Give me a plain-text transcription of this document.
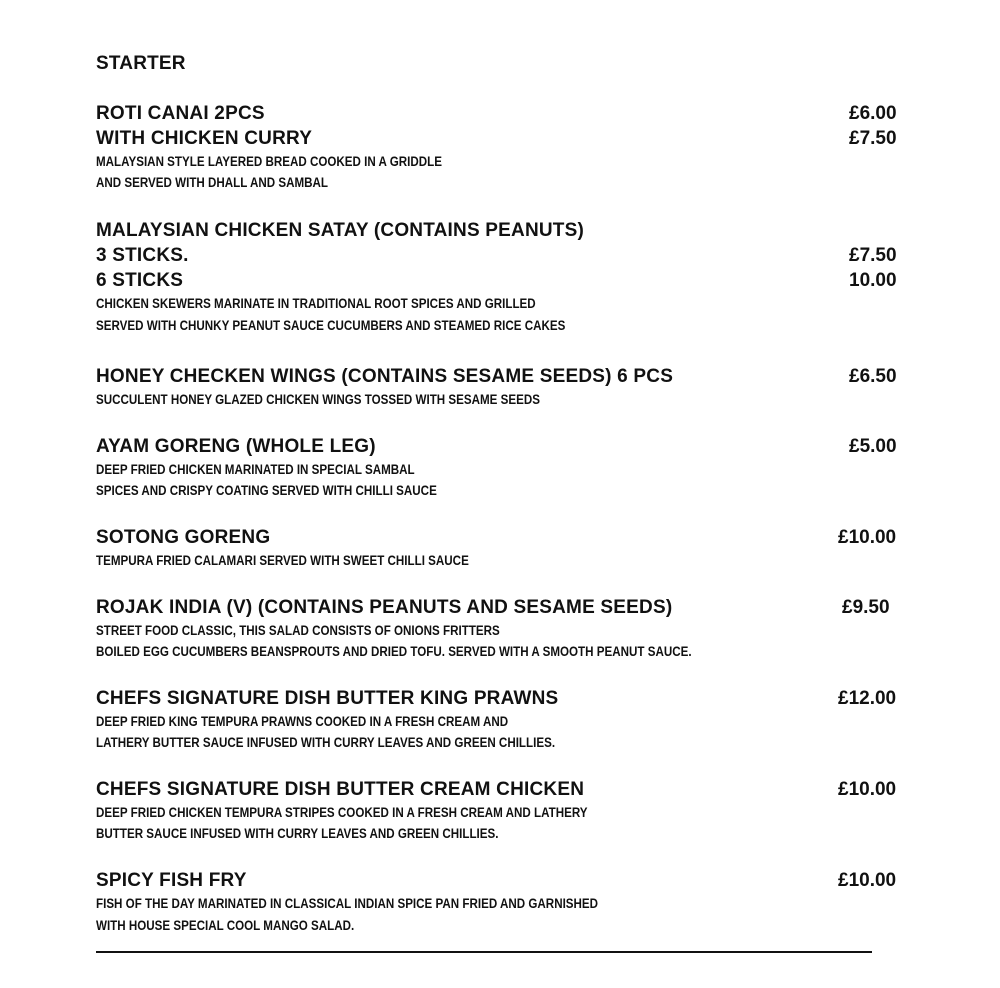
STARTER
ROTI CANAI 2PCS	£6.00
WITH CHICKEN CURRY	£7.50
MALAYSIAN STYLE LAYERED BREAD COOKED IN A GRIDDLE
AND SERVED WITH DHALL AND SAMBAL
MALAYSIAN CHICKEN SATAY (CONTAINS PEANUTS)
3 STICKS.	£7.50
6 STICKS	10.00
CHICKEN SKEWERS MARINATE IN TRADITIONAL ROOT SPICES AND GRILLED
SERVED WITH CHUNKY PEANUT SAUCE CUCUMBERS AND STEAMED RICE CAKES
HONEY CHECKEN WINGS (CONTAINS SESAME SEEDS) 6 PCS	£6.50
SUCCULENT HONEY GLAZED CHICKEN WINGS TOSSED WITH SESAME SEEDS
AYAM GORENG (WHOLE LEG)	£5.00
DEEP FRIED CHICKEN MARINATED IN SPECIAL SAMBAL
SPICES AND CRISPY COATING SERVED WITH CHILLI SAUCE
SOTONG GORENG	£10.00
TEMPURA FRIED CALAMARI SERVED WITH SWEET CHILLI SAUCE
ROJAK INDIA (V) (CONTAINS PEANUTS AND SESAME SEEDS)	£9.50
STREET FOOD CLASSIC, THIS SALAD CONSISTS OF ONIONS FRITTERS
BOILED EGG CUCUMBERS BEANSPROUTS AND DRIED TOFU. SERVED WITH A SMOOTH PEANUT SAUCE.
CHEFS SIGNATURE DISH BUTTER KING PRAWNS	£12.00
DEEP FRIED KING TEMPURA PRAWNS COOKED IN A FRESH CREAM AND
LATHERY BUTTER SAUCE INFUSED WITH CURRY LEAVES AND GREEN CHILLIES.
CHEFS SIGNATURE DISH BUTTER CREAM CHICKEN	£10.00
DEEP FRIED CHICKEN TEMPURA STRIPES COOKED IN A FRESH CREAM AND LATHERY
BUTTER SAUCE INFUSED WITH CURRY LEAVES AND GREEN CHILLIES.
SPICY FISH FRY	£10.00
FISH OF THE DAY MARINATED IN CLASSICAL INDIAN SPICE PAN FRIED AND GARNISHED
WITH HOUSE SPECIAL COOL MANGO SALAD.
